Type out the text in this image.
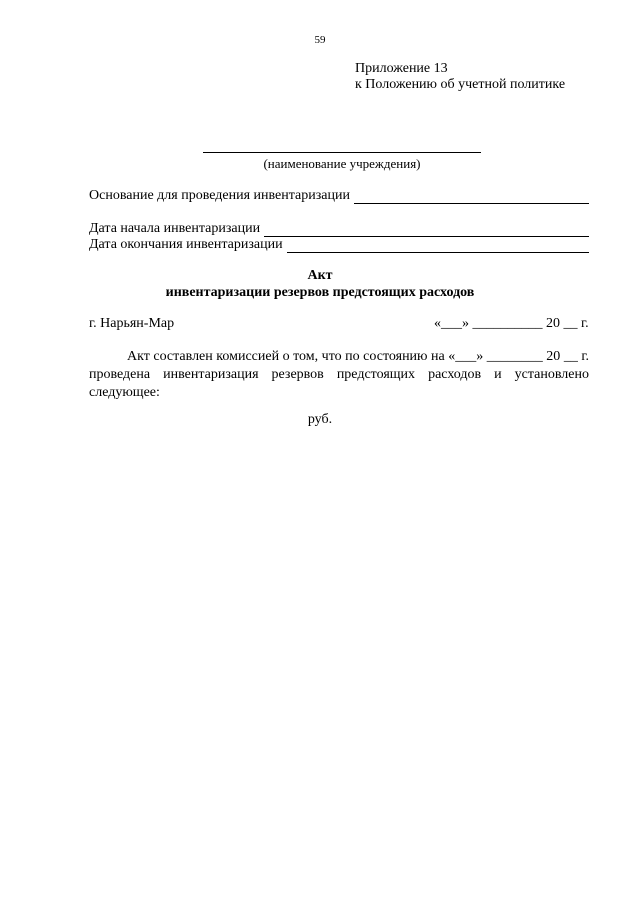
59
Приложение 13
к Положению об учетной политике
(наименование учреждения)
Основание для проведения инвентаризации
Дата начала инвентаризации
Дата окончания инвентаризации
Акт
инвентаризации резервов предстоящих расходов
г. Нарьян-Мар	«___» __________ 20 __ г.
Акт составлен комиссией о том, что по состоянию на «___» ________ 20 __ г.
проведена инвентаризация резервов предстоящих расходов и установлено
следующее:
руб.
